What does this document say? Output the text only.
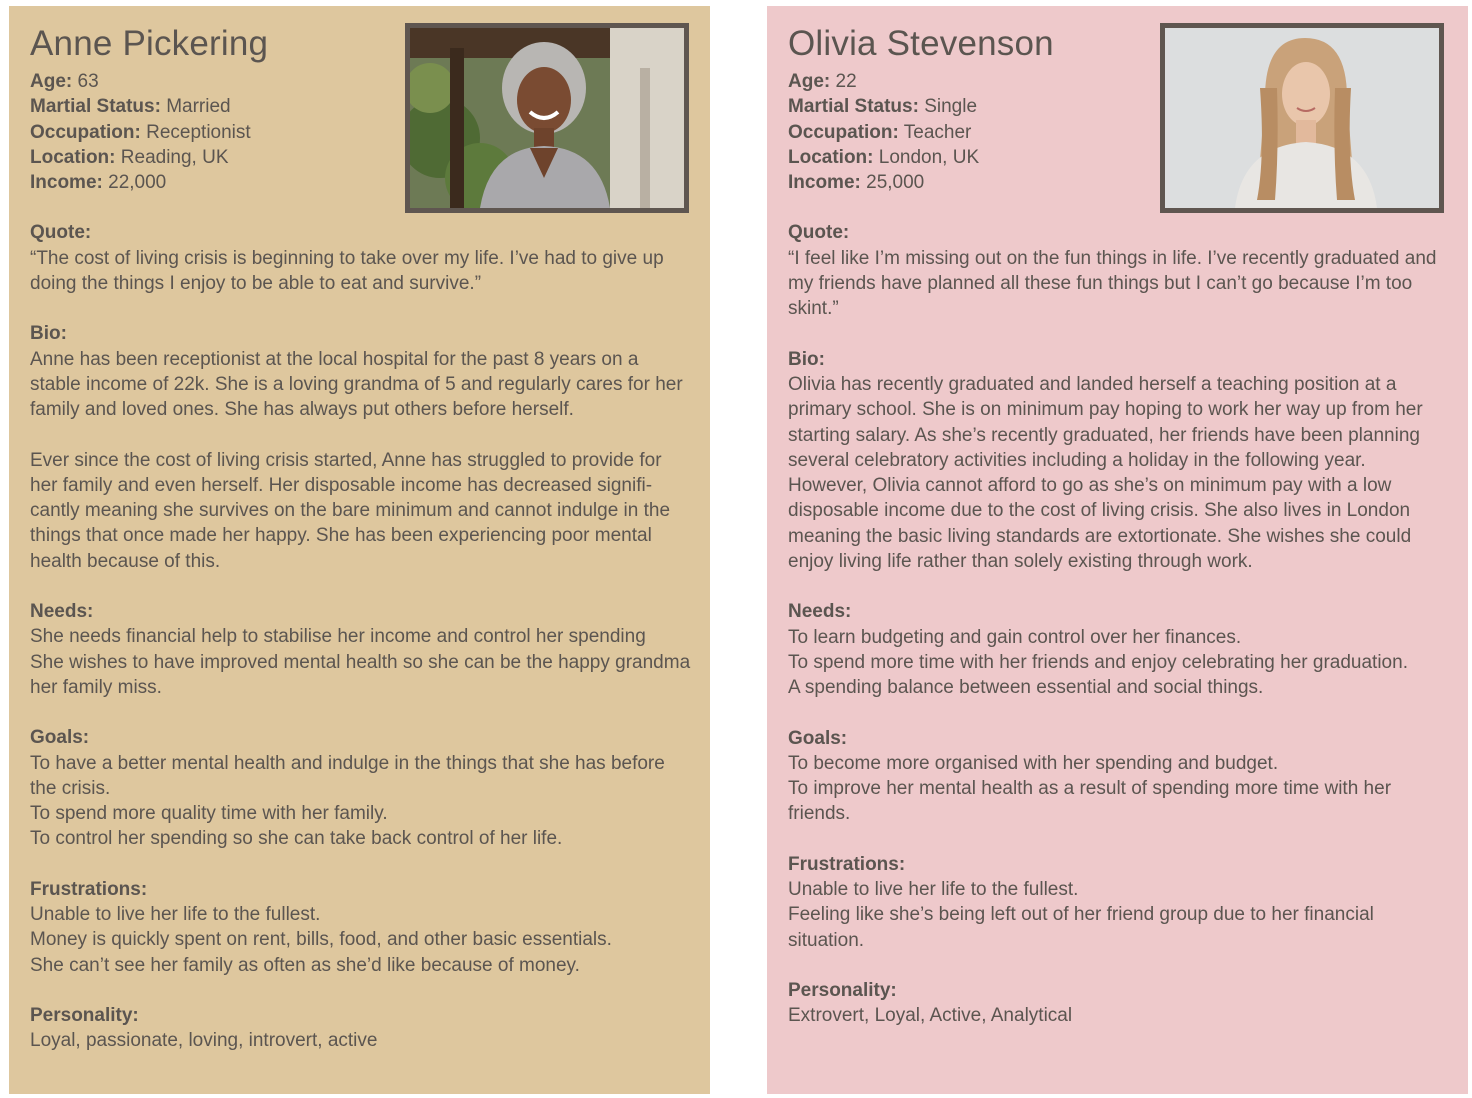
Anne Pickering
Age: 63
Martial Status: Married
Occupation: Receptionist
Location: Reading, UK
Income: 22,000
Quote:
“The cost of living crisis is beginning to take over my life. I’ve had to give up
doing the things I enjoy to be able to eat and survive.”
Bio:
Anne has been receptionist at the local hospital for the past 8 years on a
stable income of 22k. She is a loving grandma of 5 and regularly cares for her
family and loved ones. She has always put others before herself.
Ever since the cost of living crisis started, Anne has struggled to provide for
her family and even herself. Her disposable income has decreased signifi-
cantly meaning she survives on the bare minimum and cannot indulge in the
things that once made her happy. She has been experiencing poor mental
health because of this.
Needs:
She needs financial help to stabilise her income and control her spending
She wishes to have improved mental health so she can be the happy grandma
her family miss.
Goals:
To have a better mental health and indulge in the things that she has before
the crisis.
To spend more quality time with her family.
To control her spending so she can take back control of her life.
Frustrations:
Unable to live her life to the fullest.
Money is quickly spent on rent, bills, food, and other basic essentials.
She can’t see her family as often as she’d like because of money.
Personality:
Loyal, passionate, loving, introvert, active
Olivia Stevenson
Age: 22
Martial Status: Single
Occupation: Teacher
Location: London, UK
Income: 25,000
Quote:
“I feel like I’m missing out on the fun things in life. I’ve recently graduated and
my friends have planned all these fun things but I can’t go because I’m too
skint.”
Bio:
Olivia has recently graduated and landed herself a teaching position at a
primary school. She is on minimum pay hoping to work her way up from her
starting salary. As she’s recently graduated, her friends have been planning
several celebratory activities including a holiday in the following year.
However, Olivia cannot afford to go as she’s on minimum pay with a low
disposable income due to the cost of living crisis. She also lives in London
meaning the basic living standards are extortionate. She wishes she could
enjoy living life rather than solely existing through work.
Needs:
To learn budgeting and gain control over her finances.
To spend more time with her friends and enjoy celebrating her graduation.
A spending balance between essential and social things.
Goals:
To become more organised with her spending and budget.
To improve her mental health as a result of spending more time with her
friends.
Frustrations:
Unable to live her life to the fullest.
Feeling like she’s being left out of her friend group due to her financial
situation.
Personality:
Extrovert, Loyal, Active, Analytical
